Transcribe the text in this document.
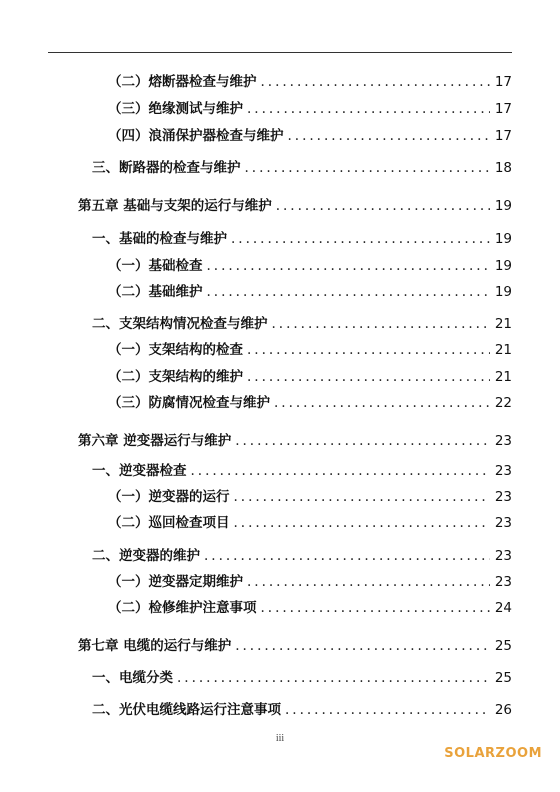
（二）熔断器检查与维护 .....	17
（三）绝缘测试与维护 .....	17
（四）浪涌保护器检查与维护 .....	17
三、断路器的检查与维护 .....	18
第五章 基础与支架的运行与维护 .....	19
一、基础的检查与维护 .....	19
（一）基础检查 .....	19
（二）基础维护 .....	19
二、支架结构情况检查与维护 .....	21
（一）支架结构的检查 .....	21
（二）支架结构的维护 .....	21
（三）防腐情况检查与维护 .....	22
第六章 逆变器运行与维护 .....	23
一、逆变器检查 .....	23
（一）逆变器的运行 .....	23
（二）巡回检查项目 .....	23
二、逆变器的维护 .....	23
（一）逆变器定期维护 .....	23
（二）检修维护注意事项 .....	24
第七章 电缆的运行与维护 .....	25
一、电缆分类 .....	25
二、光伏电缆线路运行注意事项 .....	26
iii
SOLARZOOM
